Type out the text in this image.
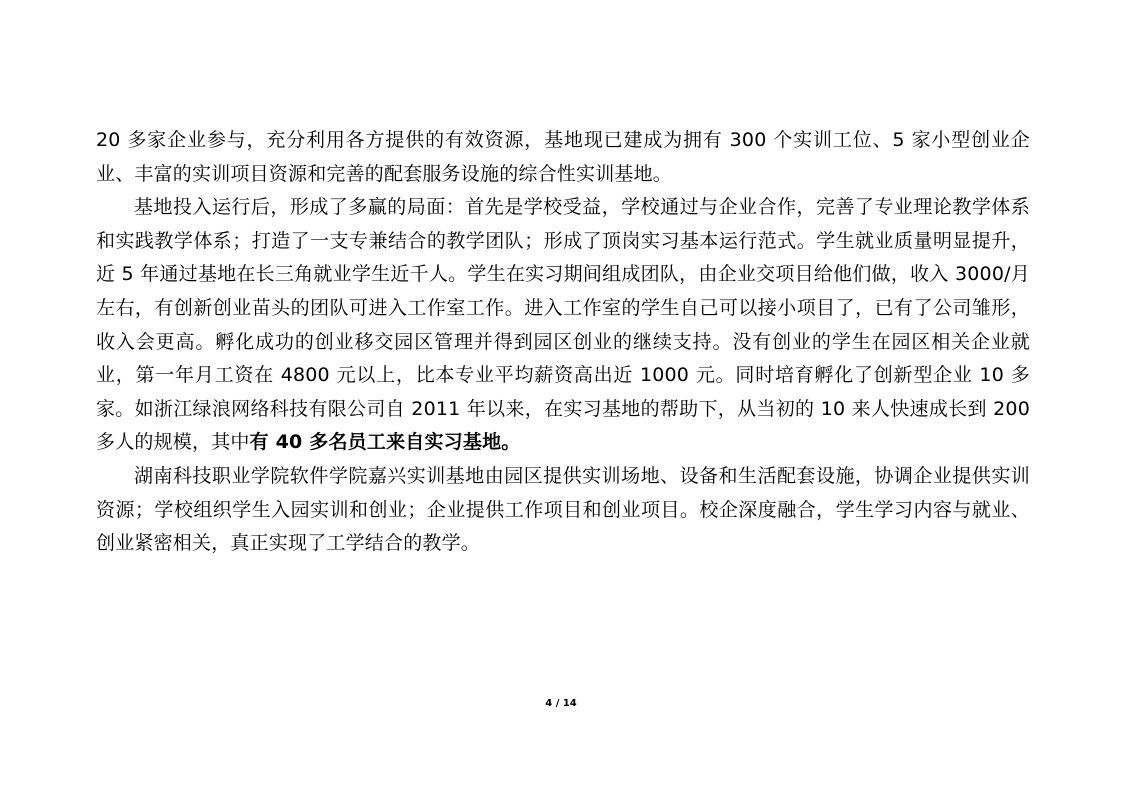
20 多家企业参与，充分利用各方提供的有效资源，基地现已建成为拥有 300 个实训工位、5 家小型创业企业、丰富的实训项目资源和完善的配套服务设施的综合性实训基地。

基地投入运行后，形成了多赢的局面：首先是学校受益，学校通过与企业合作，完善了专业理论教学体系和实践教学体系；打造了一支专兼结合的教学团队；形成了顶岗实习基本运行范式。学生就业质量明显提升，近 5 年通过基地在长三角就业学生近千人。学生在实习期间组成团队，由企业交项目给他们做，收入 3000/月左右，有创新创业苗头的团队可进入工作室工作。进入工作室的学生自己可以接小项目了，已有了公司雏形，收入会更高。孵化成功的创业移交园区管理并得到园区创业的继续支持。没有创业的学生在园区相关企业就业，第一年月工资在 4800 元以上，比本专业平均薪资高出近 1000 元。同时培育孵化了创新型企业 10 多家。如浙江绿浪网络科技有限公司自 2011 年以来，在实习基地的帮助下，从当初的 10 来人快速成长到 200 多人的规模，其中有 40 多名员工来自实习基地。

湖南科技职业学院软件学院嘉兴实训基地由园区提供实训场地、设备和生活配套设施，协调企业提供实训资源；学校组织学生入园实训和创业；企业提供工作项目和创业项目。校企深度融合，学生学习内容与就业、创业紧密相关，真正实现了工学结合的教学。

4 / 14
